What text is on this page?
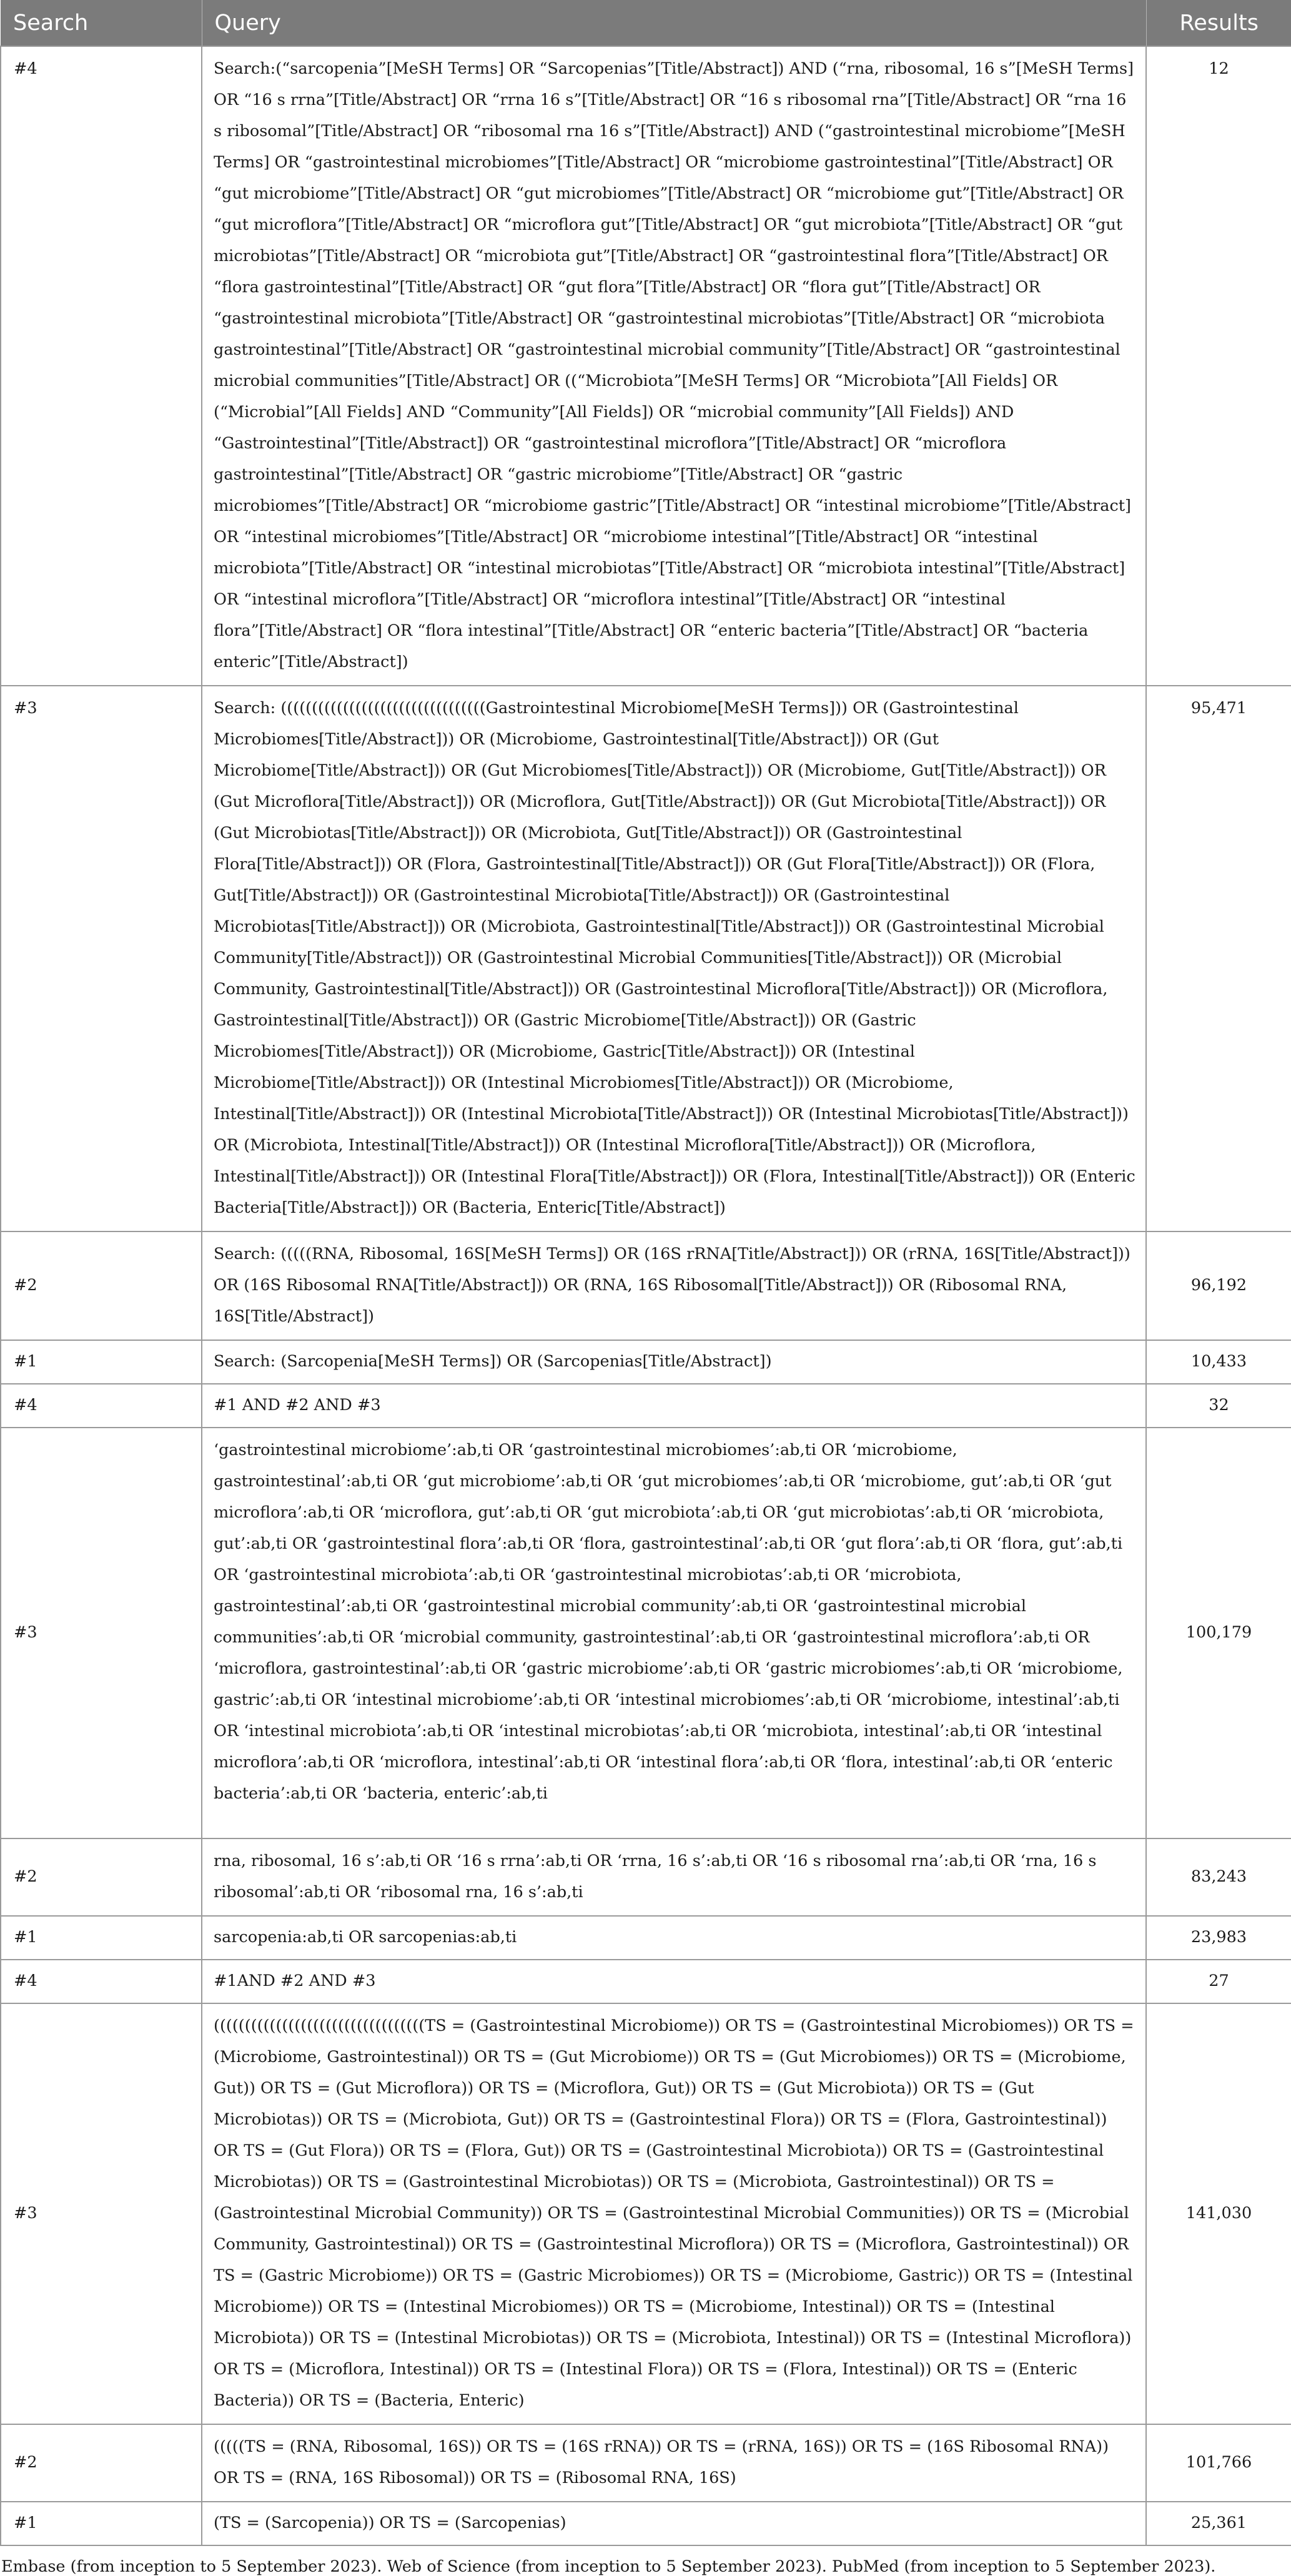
Search	Query	Results
#4	Search:(“sarcopenia”[MeSH Terms] OR “Sarcopenias”[Title/Abstract]) AND (“rna, ribosomal, 16 s”[MeSH Terms] OR “16 s rrna”[Title/Abstract] OR “rrna 16 s”[Title/Abstract] OR “16 s ribosomal rna”[Title/Abstract] OR “rna 16 s ribosomal”[Title/Abstract] OR “ribosomal rna 16 s”[Title/Abstract]) AND (“gastrointestinal microbiome”[MeSH Terms] OR “gastrointestinal microbiomes”[Title/Abstract] OR “microbiome gastrointestinal”[Title/Abstract] OR “gut microbiome”[Title/Abstract] OR “gut microbiomes”[Title/Abstract] OR “microbiome gut”[Title/Abstract] OR “gut microflora”[Title/Abstract] OR “microflora gut”[Title/Abstract] OR “gut microbiota”[Title/Abstract] OR “gut microbiotas”[Title/Abstract] OR “microbiota gut”[Title/Abstract] OR “gastrointestinal flora”[Title/Abstract] OR “flora gastrointestinal”[Title/Abstract] OR “gut flora”[Title/Abstract] OR “flora gut”[Title/Abstract] OR “gastrointestinal microbiota”[Title/Abstract] OR “gastrointestinal microbiotas”[Title/Abstract] OR “microbiota gastrointestinal”[Title/Abstract] OR “gastrointestinal microbial community”[Title/Abstract] OR “gastrointestinal microbial communities”[Title/Abstract] OR ((“Microbiota”[MeSH Terms] OR “Microbiota”[All Fields] OR (“Microbial”[All Fields] AND “Community”[All Fields]) OR “microbial community”[All Fields]) AND “Gastrointestinal”[Title/Abstract]) OR “gastrointestinal microflora”[Title/Abstract] OR “microflora gastrointestinal”[Title/Abstract] OR “gastric microbiome”[Title/Abstract] OR “gastric microbiomes”[Title/Abstract] OR “microbiome gastric”[Title/Abstract] OR “intestinal microbiome”[Title/Abstract] OR “intestinal microbiomes”[Title/Abstract] OR “microbiome intestinal”[Title/Abstract] OR “intestinal microbiota”[Title/Abstract] OR “intestinal microbiotas”[Title/Abstract] OR “microbiota intestinal”[Title/Abstract] OR “intestinal microflora”[Title/Abstract] OR “microflora intestinal”[Title/Abstract] OR “intestinal flora”[Title/Abstract] OR “flora intestinal”[Title/Abstract] OR “enteric bacteria”[Title/Abstract] OR “bacteria enteric”[Title/Abstract])	12
#3	Search: (((((((((((((((((((((((((((((((((Gastrointestinal Microbiome[MeSH Terms])) OR (Gastrointestinal Microbiomes[Title/Abstract])) OR (Microbiome, Gastrointestinal[Title/Abstract])) OR (Gut Microbiome[Title/Abstract])) OR (Gut Microbiomes[Title/Abstract])) OR (Microbiome, Gut[Title/Abstract])) OR (Gut Microflora[Title/Abstract])) OR (Microflora, Gut[Title/Abstract])) OR (Gut Microbiota[Title/Abstract])) OR (Gut Microbiotas[Title/Abstract])) OR (Microbiota, Gut[Title/Abstract])) OR (Gastrointestinal Flora[Title/Abstract])) OR (Flora, Gastrointestinal[Title/Abstract])) OR (Gut Flora[Title/Abstract])) OR (Flora, Gut[Title/Abstract])) OR (Gastrointestinal Microbiota[Title/Abstract])) OR (Gastrointestinal Microbiotas[Title/Abstract])) OR (Microbiota, Gastrointestinal[Title/Abstract])) OR (Gastrointestinal Microbial Community[Title/Abstract])) OR (Gastrointestinal Microbial Communities[Title/Abstract])) OR (Microbial Community, Gastrointestinal[Title/Abstract])) OR (Gastrointestinal Microflora[Title/Abstract])) OR (Microflora, Gastrointestinal[Title/Abstract])) OR (Gastric Microbiome[Title/Abstract])) OR (Gastric Microbiomes[Title/Abstract])) OR (Microbiome, Gastric[Title/Abstract])) OR (Intestinal Microbiome[Title/Abstract])) OR (Intestinal Microbiomes[Title/Abstract])) OR (Microbiome, Intestinal[Title/Abstract])) OR (Intestinal Microbiota[Title/Abstract])) OR (Intestinal Microbiotas[Title/Abstract])) OR (Microbiota, Intestinal[Title/Abstract])) OR (Intestinal Microflora[Title/Abstract])) OR (Microflora, Intestinal[Title/Abstract])) OR (Intestinal Flora[Title/Abstract])) OR (Flora, Intestinal[Title/Abstract])) OR (Enteric Bacteria[Title/Abstract])) OR (Bacteria, Enteric[Title/Abstract])	95,471
#2	Search: (((((RNA, Ribosomal, 16S[MeSH Terms]) OR (16S rRNA[Title/Abstract])) OR (rRNA, 16S[Title/Abstract])) OR (16S Ribosomal RNA[Title/Abstract])) OR (RNA, 16S Ribosomal[Title/Abstract])) OR (Ribosomal RNA, 16S[Title/Abstract])	96,192
#1	Search: (Sarcopenia[MeSH Terms]) OR (Sarcopenias[Title/Abstract])	10,433
#4	#1 AND #2 AND #3	32
#3	‘gastrointestinal microbiome’:ab,ti OR ‘gastrointestinal microbiomes’:ab,ti OR ‘microbiome, gastrointestinal’:ab,ti OR ‘gut microbiome’:ab,ti OR ‘gut microbiomes’:ab,ti OR ‘microbiome, gut’:ab,ti OR ‘gut microflora’:ab,ti OR ‘microflora, gut’:ab,ti OR ‘gut microbiota’:ab,ti OR ‘gut microbiotas’:ab,ti OR ‘microbiota, gut’:ab,ti OR ‘gastrointestinal flora’:ab,ti OR ‘flora, gastrointestinal’:ab,ti OR ‘gut flora’:ab,ti OR ‘flora, gut’:ab,ti OR ‘gastrointestinal microbiota’:ab,ti OR ‘gastrointestinal microbiotas’:ab,ti OR ‘microbiota, gastrointestinal’:ab,ti OR ‘gastrointestinal microbial community’:ab,ti OR ‘gastrointestinal microbial communities’:ab,ti OR ‘microbial community, gastrointestinal’:ab,ti OR ‘gastrointestinal microflora’:ab,ti OR ‘microflora, gastrointestinal’:ab,ti OR ‘gastric microbiome’:ab,ti OR ‘gastric microbiomes’:ab,ti OR ‘microbiome, gastric’:ab,ti OR ‘intestinal microbiome’:ab,ti OR ‘intestinal microbiomes’:ab,ti OR ‘microbiome, intestinal’:ab,ti OR ‘intestinal microbiota’:ab,ti OR ‘intestinal microbiotas’:ab,ti OR ‘microbiota, intestinal’:ab,ti OR ‘intestinal microflora’:ab,ti OR ‘microflora, intestinal’:ab,ti OR ‘intestinal flora’:ab,ti OR ‘flora, intestinal’:ab,ti OR ‘enteric bacteria’:ab,ti OR ‘bacteria, enteric’:ab,ti	100,179
#2	rna, ribosomal, 16 s’:ab,ti OR ‘16 s rrna’:ab,ti OR ‘rrna, 16 s’:ab,ti OR ‘16 s ribosomal rna’:ab,ti OR ‘rna, 16 s ribosomal’:ab,ti OR ‘ribosomal rna, 16 s’:ab,ti	83,243
#1	sarcopenia:ab,ti OR sarcopenias:ab,ti	23,983
#4	#1AND #2 AND #3	27
#3	((((((((((((((((((((((((((((((((((TS = (Gastrointestinal Microbiome)) OR TS = (Gastrointestinal Microbiomes)) OR TS = (Microbiome, Gastrointestinal)) OR TS = (Gut Microbiome)) OR TS = (Gut Microbiomes)) OR TS = (Microbiome, Gut)) OR TS = (Gut Microflora)) OR TS = (Microflora, Gut)) OR TS = (Gut Microbiota)) OR TS = (Gut Microbiotas)) OR TS = (Microbiota, Gut)) OR TS = (Gastrointestinal Flora)) OR TS = (Flora, Gastrointestinal)) OR TS = (Gut Flora)) OR TS = (Flora, Gut)) OR TS = (Gastrointestinal Microbiota)) OR TS = (Gastrointestinal Microbiotas)) OR TS = (Gastrointestinal Microbiotas)) OR TS = (Microbiota, Gastrointestinal)) OR TS = (Gastrointestinal Microbial Community)) OR TS = (Gastrointestinal Microbial Communities)) OR TS = (Microbial Community, Gastrointestinal)) OR TS = (Gastrointestinal Microflora)) OR TS = (Microflora, Gastrointestinal)) OR TS = (Gastric Microbiome)) OR TS = (Gastric Microbiomes)) OR TS = (Microbiome, Gastric)) OR TS = (Intestinal Microbiome)) OR TS = (Intestinal Microbiomes)) OR TS = (Microbiome, Intestinal)) OR TS = (Intestinal Microbiota)) OR TS = (Intestinal Microbiotas)) OR TS = (Microbiota, Intestinal)) OR TS = (Intestinal Microflora)) OR TS = (Microflora, Intestinal)) OR TS = (Intestinal Flora)) OR TS = (Flora, Intestinal)) OR TS = (Enteric Bacteria)) OR TS = (Bacteria, Enteric)	141,030
#2	(((((TS = (RNA, Ribosomal, 16S)) OR TS = (16S rRNA)) OR TS = (rRNA, 16S)) OR TS = (16S Ribosomal RNA)) OR TS = (RNA, 16S Ribosomal)) OR TS = (Ribosomal RNA, 16S)	101,766
#1	(TS = (Sarcopenia)) OR TS = (Sarcopenias)	25,361
Embase (from inception to 5 September 2023). Web of Science (from inception to 5 September 2023). PubMed (from inception to 5 September 2023).
